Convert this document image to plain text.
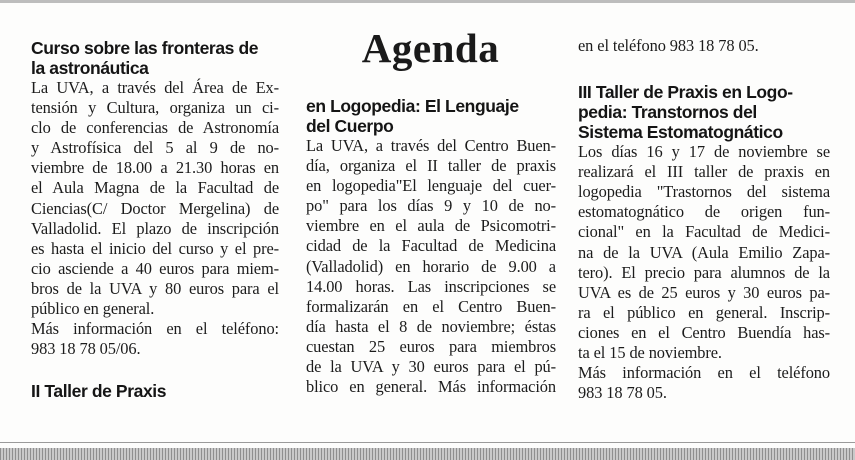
Curso sobre las fronteras de
la astronáutica
La UVA, a través del Área de Ex-
tensión y Cultura, organiza un ci-
clo de conferencias de Astronomía
y Astrofísica del 5 al 9 de no-
viembre de 18.00 a 21.30 horas en
el Aula Magna de la Facultad de
Ciencias(C/ Doctor Mergelina) de
Valladolid. El plazo de inscripción
es hasta el inicio del curso y el pre-
cio asciende a 40 euros para miem-
bros de la UVA y 80 euros para el
público en general.
Más información en el teléfono:
983 18 78 05/06.
II Taller de Praxis
Agenda
en Logopedia: El Lenguaje
del Cuerpo
La UVA, a través del Centro Buen-
día, organiza el II taller de praxis
en logopedia"El lenguaje del cuer-
po" para los días 9 y 10 de no-
viembre en el aula de Psicomotri-
cidad de la Facultad de Medicina
(Valladolid) en horario de 9.00 a
14.00 horas. Las inscripciones se
formalizarán en el Centro Buen-
día hasta el 8 de noviembre; éstas
cuestan 25 euros para miembros
de la UVA y 30 euros para el pú-
blico en general. Más información
en el teléfono 983 18 78 05.
III Taller de Praxis en Logo-
pedia: Transtornos del
Sistema Estomatognático
Los días 16 y 17 de noviembre se
realizará el III taller de praxis en
logopedia "Trastornos del sistema
estomatognático de origen fun-
cional" en la Facultad de Medici-
na de la UVA (Aula Emilio Zapa-
tero). El precio para alumnos de la
UVA es de 25 euros y 30 euros pa-
ra el público en general. Inscrip-
ciones en el Centro Buendía has-
ta el 15 de noviembre.
Más información en el teléfono
983 18 78 05.
